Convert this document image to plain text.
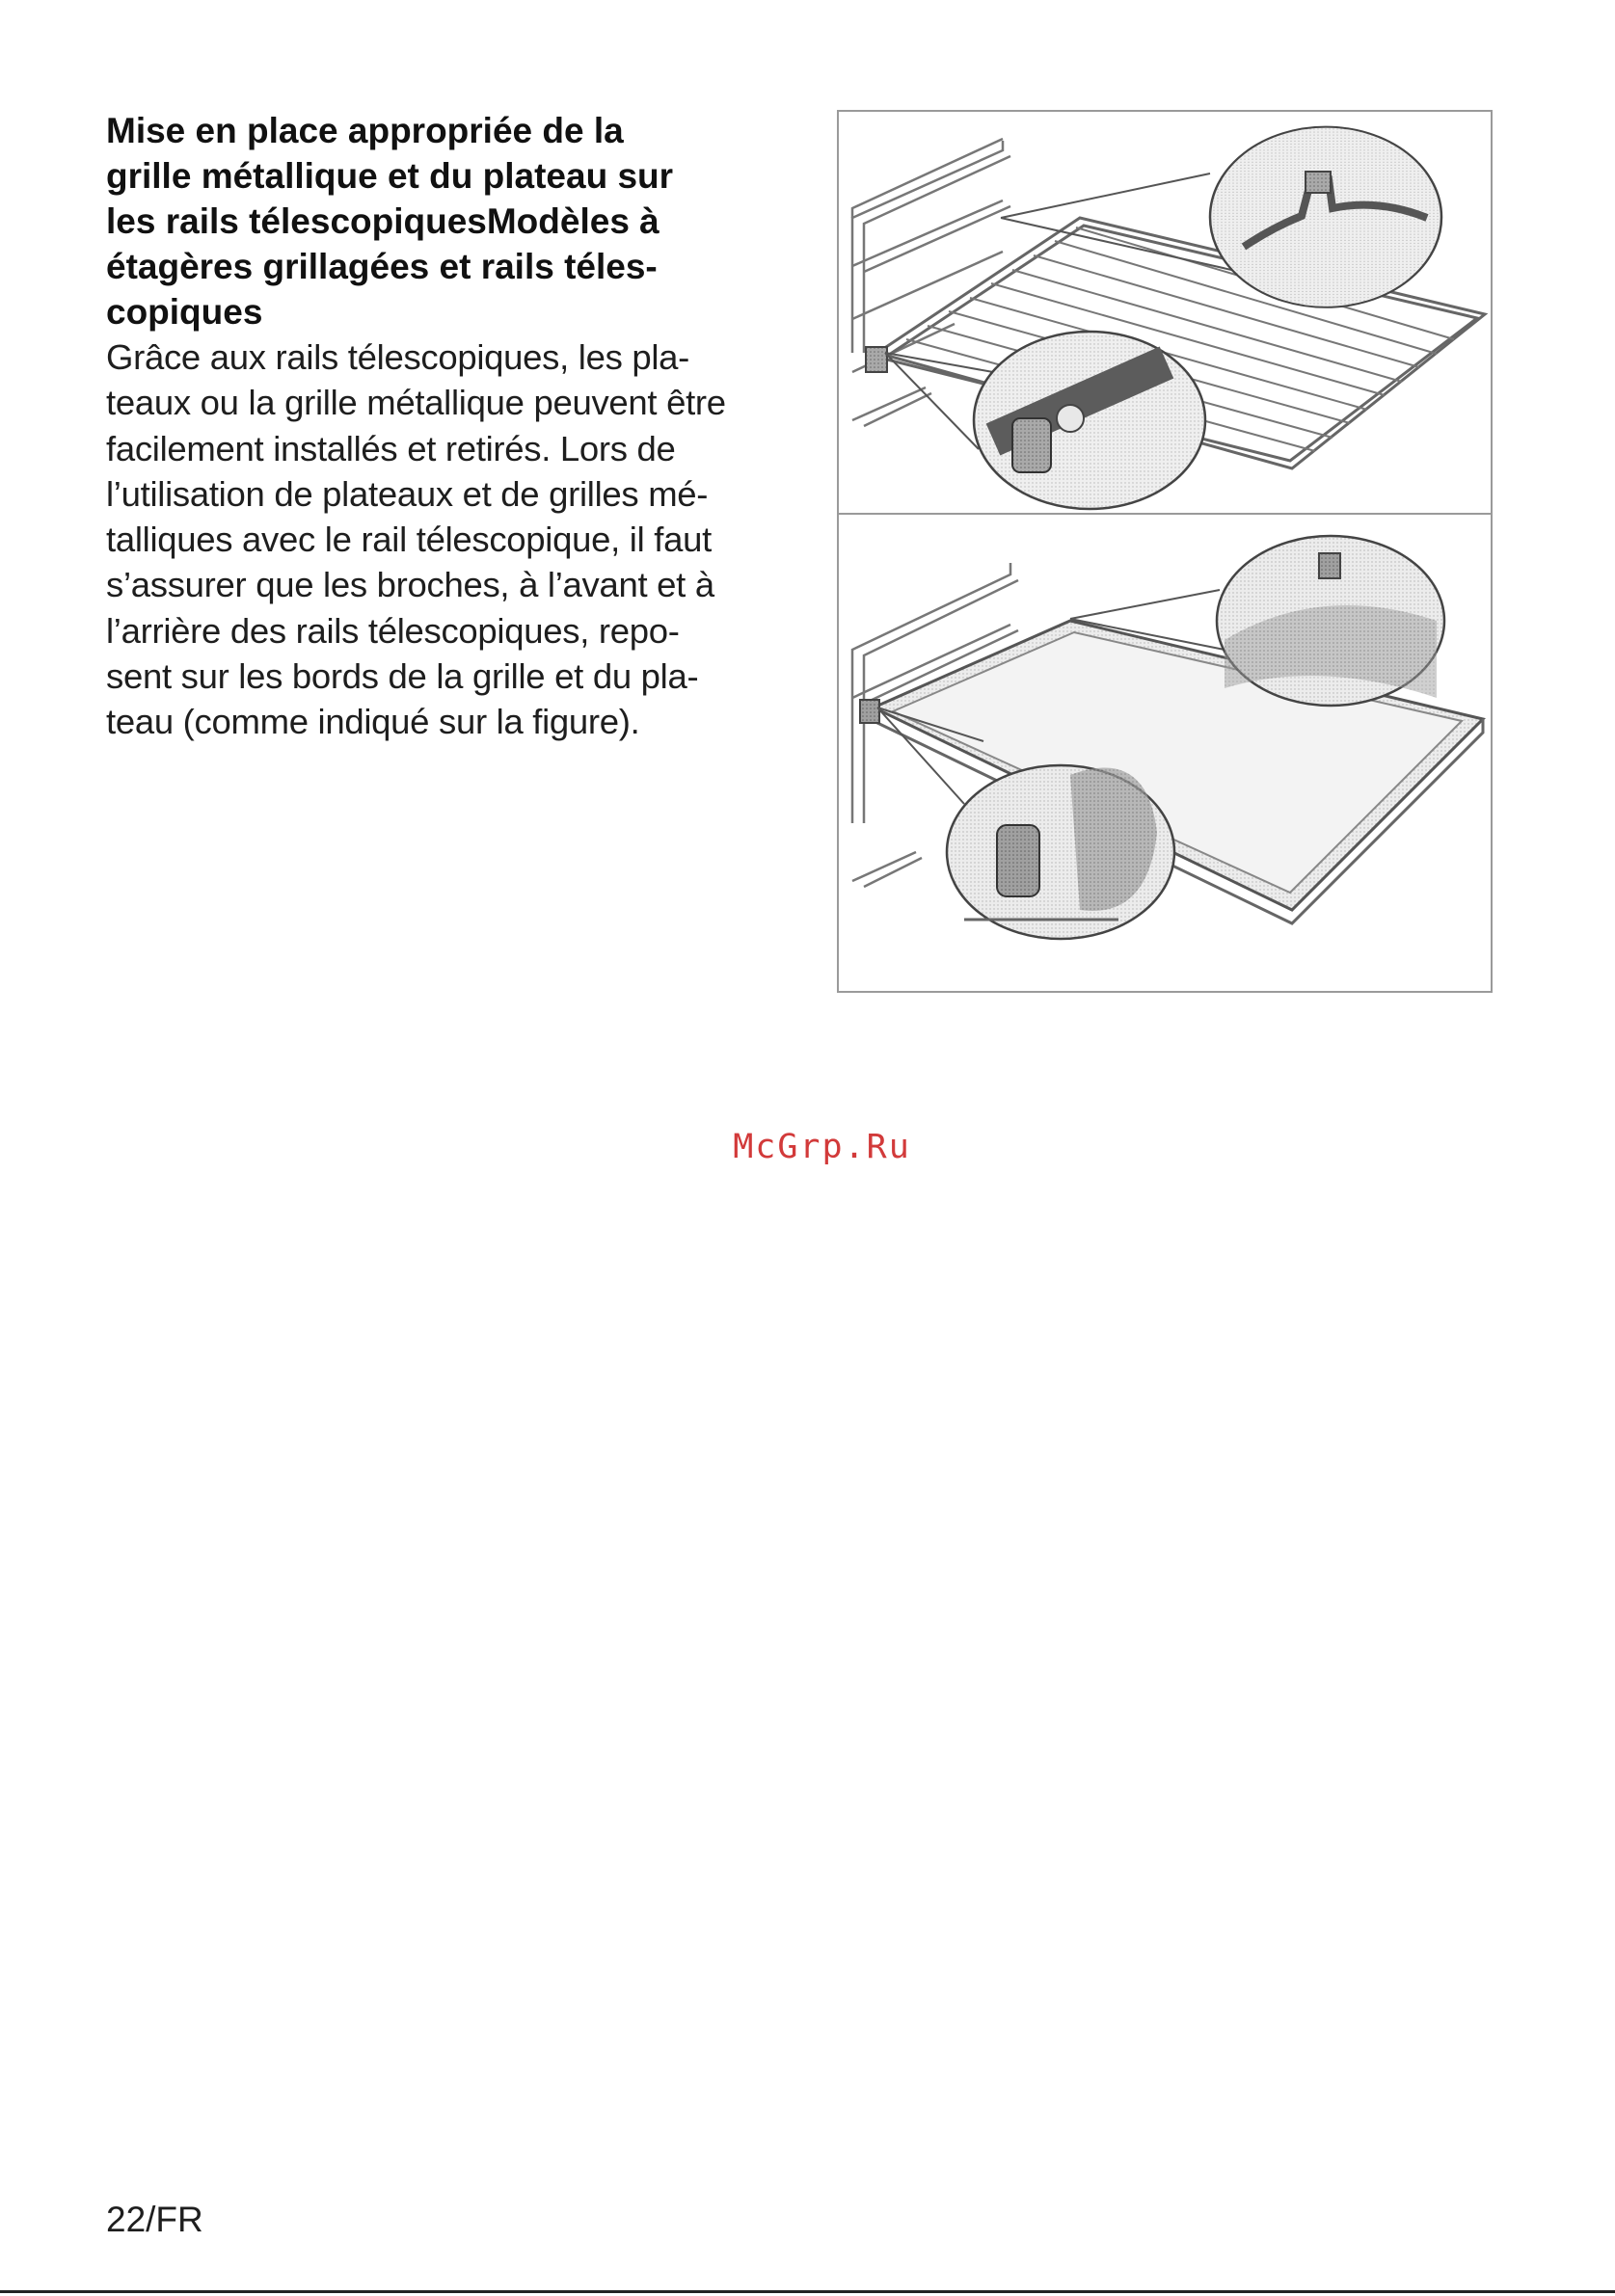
Mise en place appropriée de la
grille métallique et du plateau sur
les rails télescopiquesModèles à
étagères grillagées et rails téles-
copiques

Grâce aux rails télescopiques, les pla-
teaux ou la grille métallique peuvent être
facilement installés et retirés. Lors de
l’utilisation de plateaux et de grilles mé-
talliques avec le rail télescopique, il faut
s’assurer que les broches, à l’avant et à
l’arrière des rails télescopiques, repo-
sent sur les bords de la grille et du pla-
teau (comme indiqué sur la figure).

McGrp.Ru
22/FR
